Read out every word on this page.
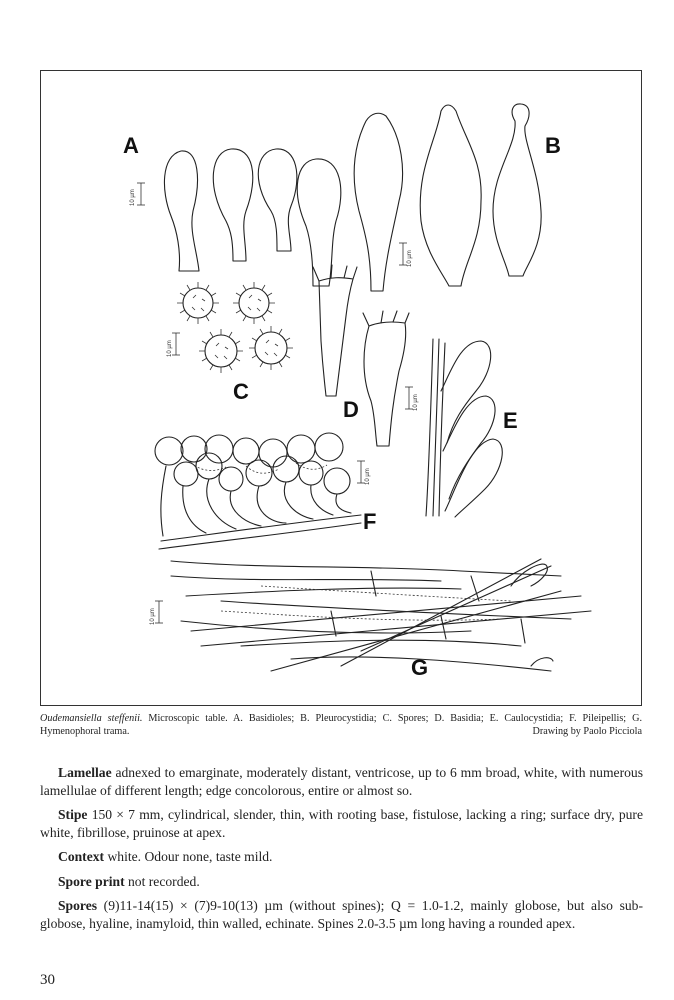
10 µm
10 µm
10 µm
10 µm
10 µm
10 µm
A	B
C
D	E
F
G
Oudemansiella steffenii. Microscopic table. A. Basidioles; B. Pleurocystidia; C. Spores; D. Basidia; E. Caulocystidia; F. Pileipellis; G. Hymenophoral trama.	Drawing by Paolo Picciola

Lamellae adnexed to emarginate, moderately distant, ventricose, up to 6 mm broad, white, with numerous lamellulae of different length; edge concolorous, entire or almost so.

Stipe 150 × 7 mm, cylindrical, slender, thin, with rooting base, fistulose, lacking a ring; surface dry, pure white, fibrillose, pruinose at apex.

Context white. Odour none, taste mild.

Spore print not recorded.

Spores (9)11-14(15) × (7)9-10(13) µm (without spines); Q = 1.0-1.2, mainly globose, but also sub-globose, hyaline, inamyloid, thin walled, echinate. Spines 2.0-3.5 µm long having a rounded apex.

30
